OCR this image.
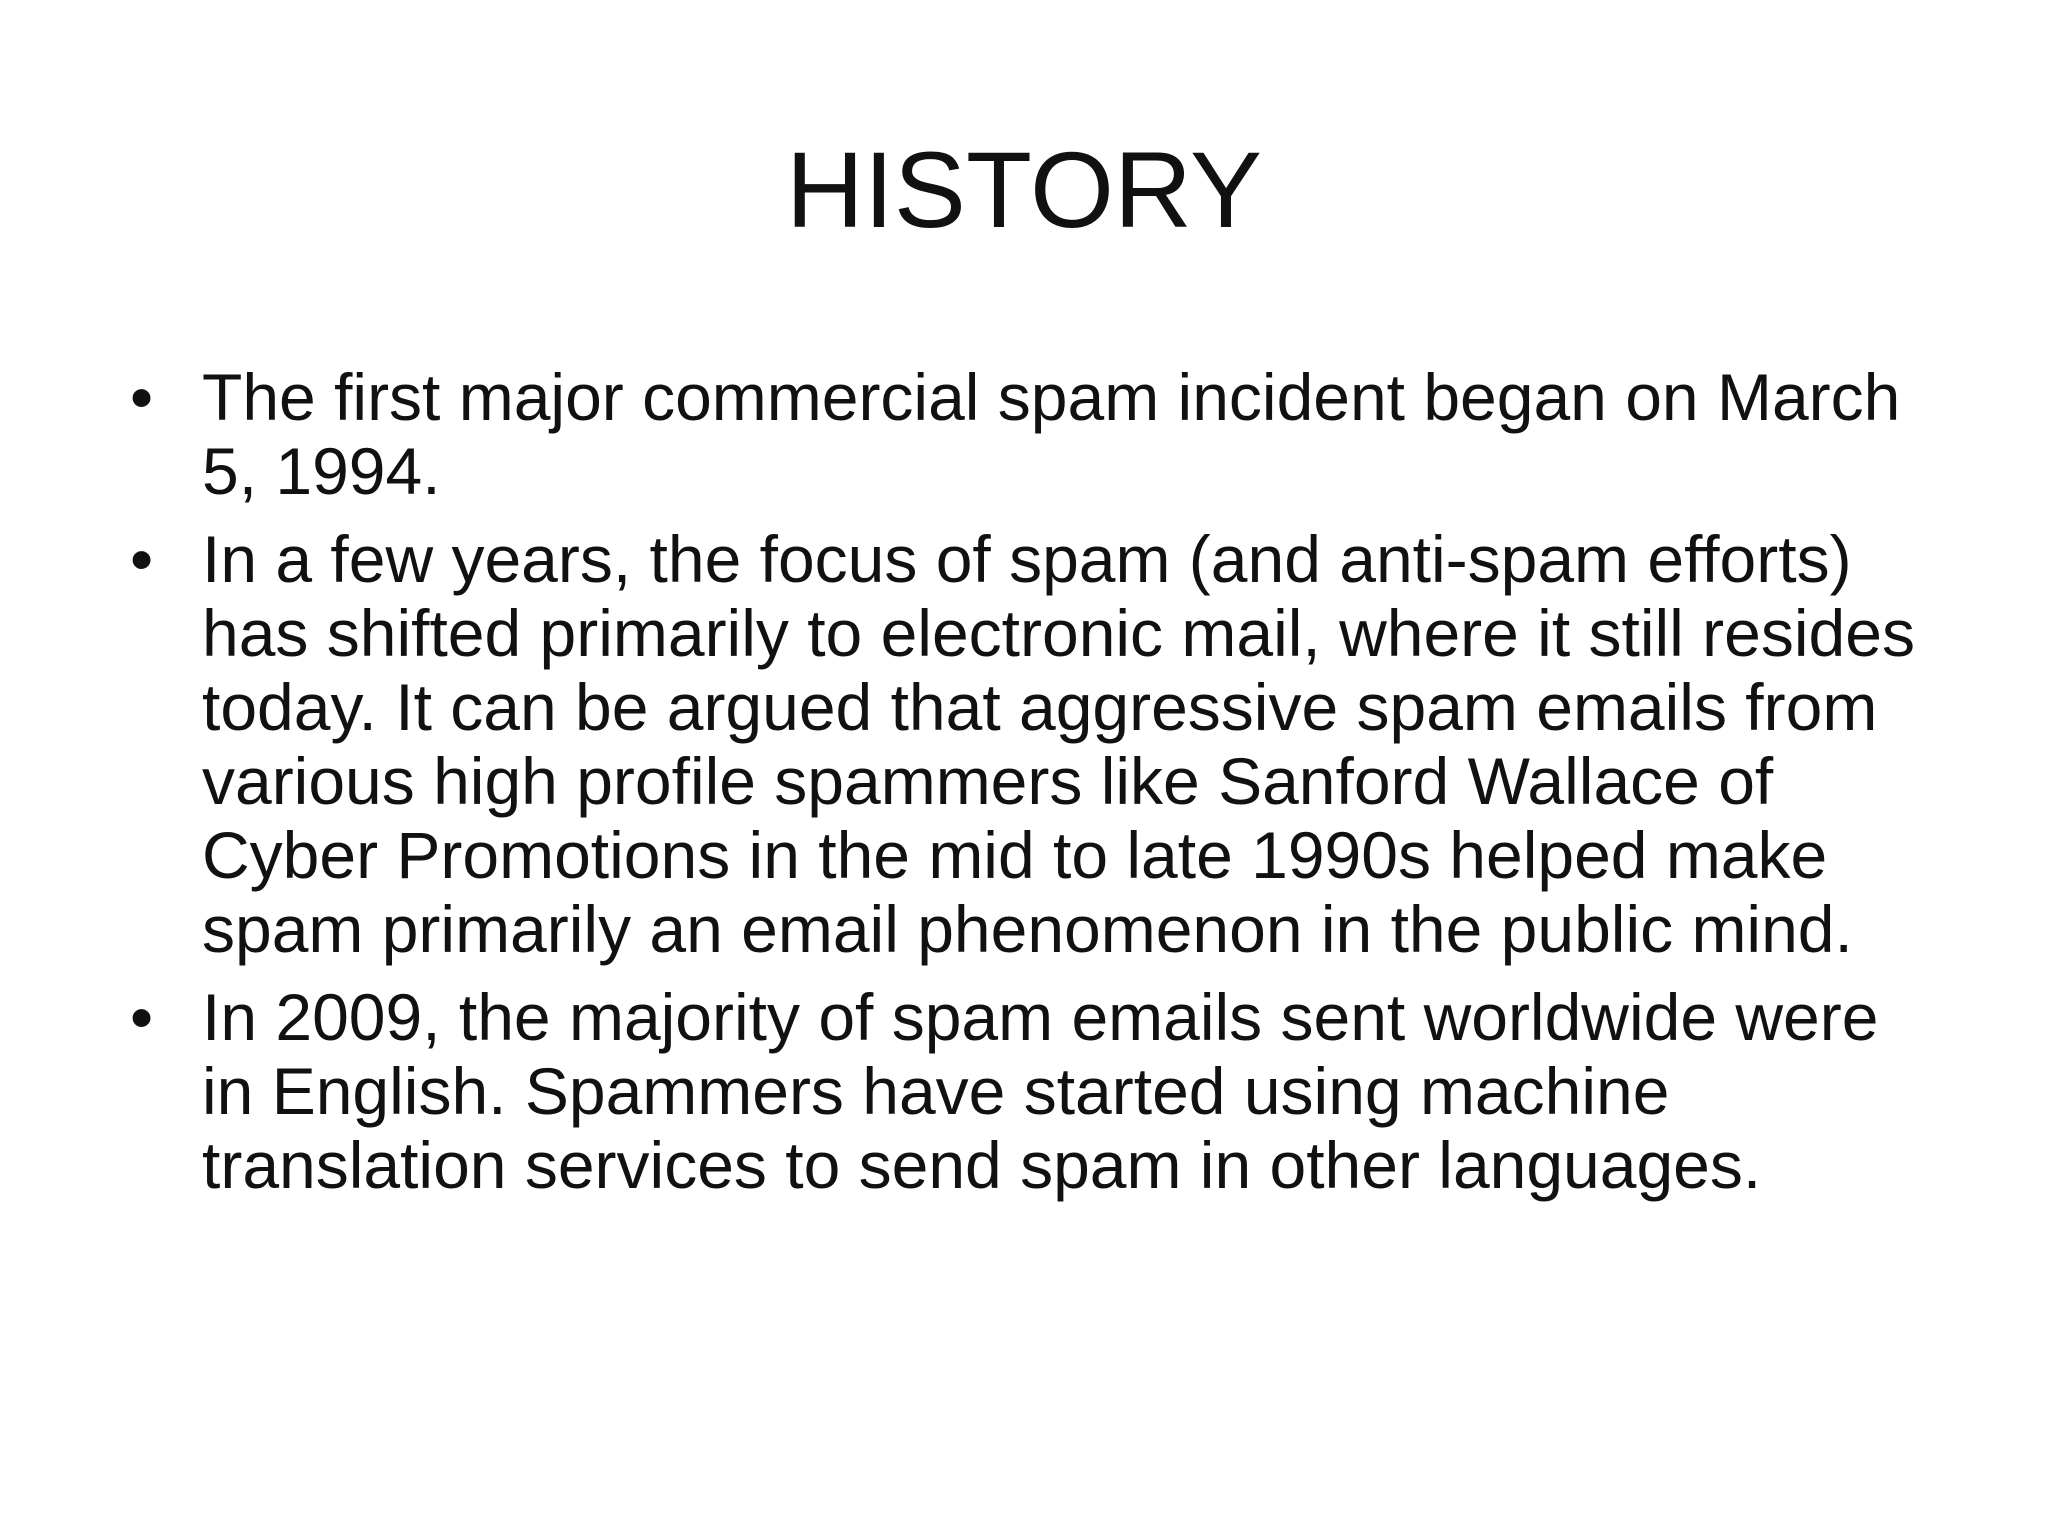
HISTORY
• The first major commercial spam incident began on March 5, 1994.
• In a few years, the focus of spam (and anti-spam efforts) has shifted primarily to electronic mail, where it still resides today. It can be argued that aggressive spam emails from various high profile spammers like Sanford Wallace of Cyber Promotions in the mid to late 1990s helped make spam primarily an email phenomenon in the public mind.
• In 2009, the majority of spam emails sent worldwide were in English. Spammers have started using machine translation services to send spam in other languages.
